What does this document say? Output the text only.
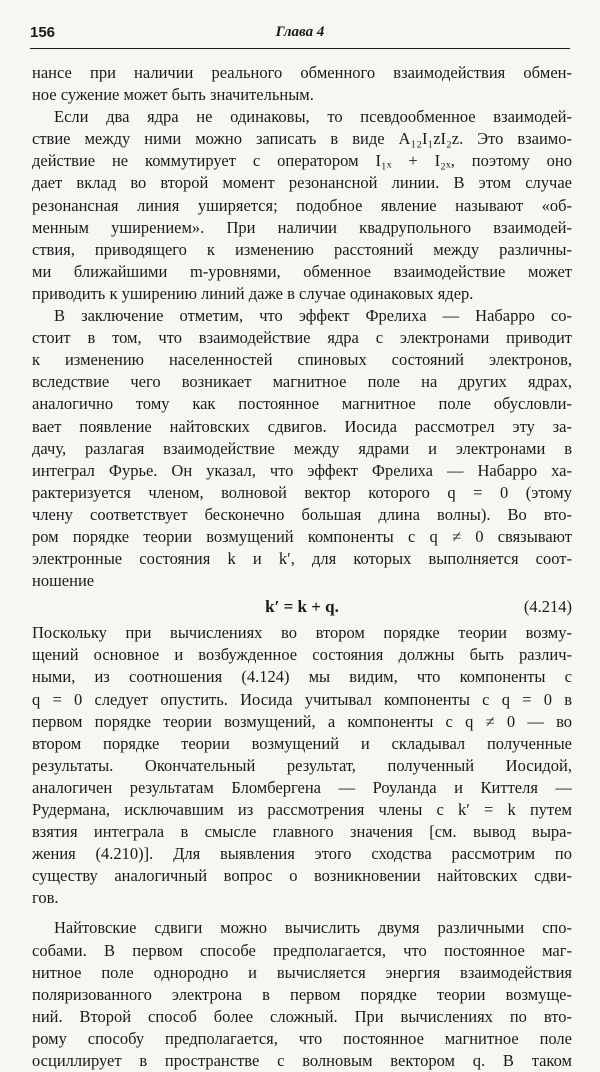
156	Глава 4

нансе при наличии реального обменного взаимодействия обмен-

ное сужение может быть значительным.

Если два ядра не одинаковы, то псевдообменное взаимодей-

ствие между ними можно записать в виде A₁₂I₁zI₂z. Это взаимо-

действие не коммутирует с оператором I₁ₓ + I₂ₓ, поэтому оно

дает вклад во второй момент резонансной линии. В этом случае

резонансная линия уширяется; подобное явление называют «об-

менным уширением». При наличии квадрупольного взаимодей-

ствия, приводящего к изменению расстояний между различны-

ми ближайшими m-уровнями, обменное взаимодействие может

приводить к уширению линий даже в случае одинаковых ядер.

В заключение отметим, что эффект Фрелиха — Набарро со-

стоит в том, что взаимодействие ядра с электронами приводит

к изменению населенностей спиновых состояний электронов,

вследствие чего возникает магнитное поле на других ядрах,

аналогично тому как постоянное магнитное поле обусловли-

вает появление найтовских сдвигов. Иосида рассмотрел эту за-

дачу, разлагая взаимодействие между ядрами и электронами в

интеграл Фурье. Он указал, что эффект Фрелиха — Набарро ха-

рактеризуется членом, волновой вектор которого q = 0 (этому

члену соответствует бесконечно большая длина волны). Во вто-

ром порядке теории возмущений компоненты с q ≠ 0 связывают

электронные состояния k и k′, для которых выполняется соот-

ношение

k′ = k + q.	(4.214)

Поскольку при вычислениях во втором порядке теории возму-

щений основное и возбужденное состояния должны быть различ-

ными, из соотношения (4.124) мы видим, что компоненты с

q = 0 следует опустить. Иосида учитывал компоненты с q = 0 в

первом порядке теории возмущений, а компоненты с q ≠ 0 — во

втором порядке теории возмущений и складывал полученные

результаты. Окончательный результат, полученный Иосидой,

аналогичен результатам Бломбергена — Роуланда и Киттеля —

Рудермана, исключавшим из рассмотрения члены с k′ = k путем

взятия интеграла в смысле главного значения [см. вывод выра-

жения (4.210)]. Для выявления этого сходства рассмотрим по

существу аналогичный вопрос о возникновении найтовских сдви-

гов.

Найтовские сдвиги можно вычислить двумя различными спо-

собами. В первом способе предполагается, что постоянное маг-

нитное поле однородно и вычисляется энергия взаимодействия

поляризованного электрона в первом порядке теории возмуще-

ний. Второй способ более сложный. При вычислениях по вто-

рому способу предполагается, что постоянное магнитное поле

осциллирует в пространстве с волновым вектором q. В таком
